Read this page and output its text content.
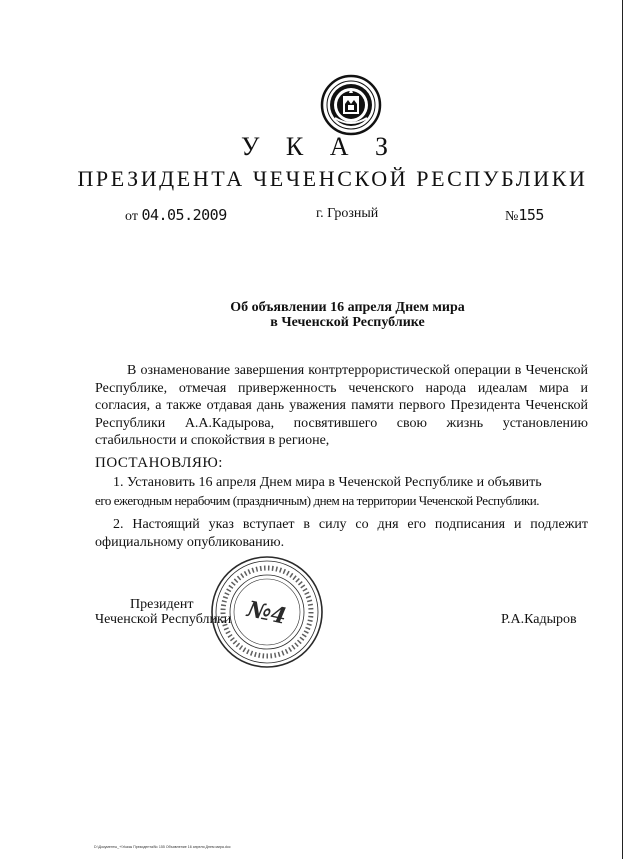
У К А З
ПРЕЗИДЕНТА ЧЕЧЕНСКОЙ РЕСПУБЛИКИ
от 04.05.2009	г. Грозный	№155
Об объявлении 16 апреля Днем мира
в Чеченской Республике
В ознаменование завершения контртеррористической операции в Чеченской Республике, отмечая приверженность чеченского народа идеалам мира и согласия, а также отдавая дань уважения памяти первого Президента Чеченской Республики А.А.Кадырова, посвятившего свою жизнь установлению стабильности и спокойствия в регионе,
ПОСТАНОВЛЯЮ:
1. Установить 16 апреля Днем мира в Чеченской Республике и объявить
его ежегодным нерабочим (праздничным) днем на территории Чеченской Республики.
2. Настоящий указ вступает в силу со дня его подписания и подлежит официальному опубликованию.
Президент
Чеченской Республики	Р.А.Кадыров
№4
D:\Документы_+\Указы Президента\№ 155 Объявление 16 апреля Днем мира.doc
